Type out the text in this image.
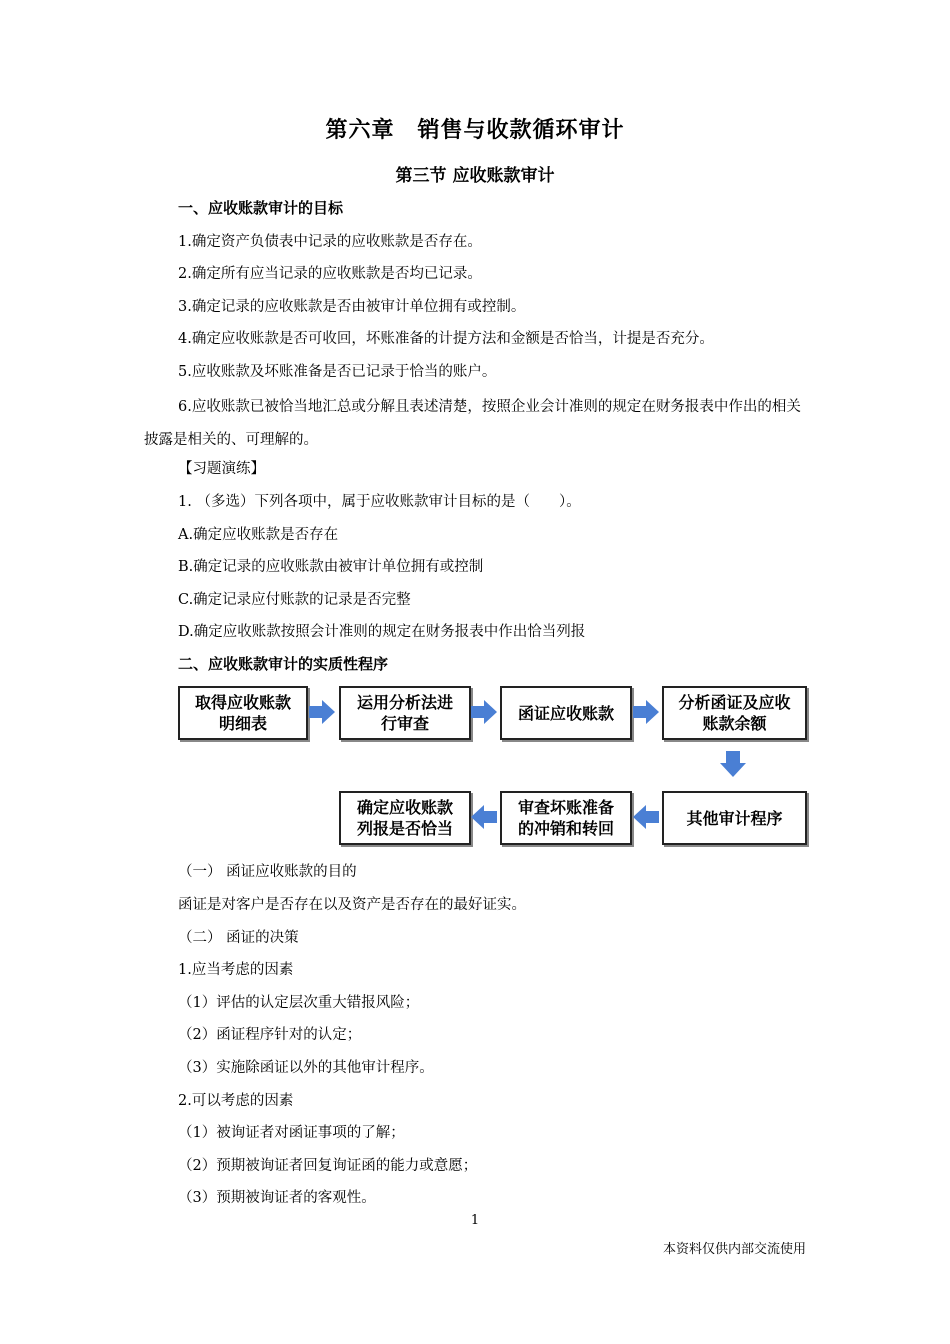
第六章　销售与收款循环审计
第三节 应收账款审计
一、应收账款审计的目标
1.确定资产负债表中记录的应收账款是否存在。
2.确定所有应当记录的应收账款是否均已记录。
3.确定记录的应收账款是否由被审计单位拥有或控制。
4.确定应收账款是否可收回，坏账准备的计提方法和金额是否恰当，计提是否充分。
5.应收账款及坏账准备是否已记录于恰当的账户。
6.应收账款已被恰当地汇总或分解且表述清楚，按照企业会计准则的规定在财务报表中作出的相关披露是相关的、可理解的。
【习题演练】
1. （多选）下列各项中，属于应收账款审计目标的是（　　）。
A.确定应收账款是否存在
B.确定记录的应收账款由被审计单位拥有或控制
C.确定记录应付账款的记录是否完整
D.确定应收账款按照会计准则的规定在财务报表中作出恰当列报
二、应收账款审计的实质性程序
取得应收账款
明细表
运用分析法进
行审查
函证应收账款
分析函证及应收
账款余额
其他审计程序
审查坏账准备
的冲销和转回
确定应收账款
列报是否恰当
（一） 函证应收账款的目的
函证是对客户是否存在以及资产是否存在的最好证实。
（二） 函证的决策
1.应当考虑的因素
（1）评估的认定层次重大错报风险；
（2）函证程序针对的认定；
（3）实施除函证以外的其他审计程序。
2.可以考虑的因素
（1）被询证者对函证事项的了解；
（2）预期被询证者回复询证函的能力或意愿；
（3）预期被询证者的客观性。
1
本资料仅供内部交流使用
